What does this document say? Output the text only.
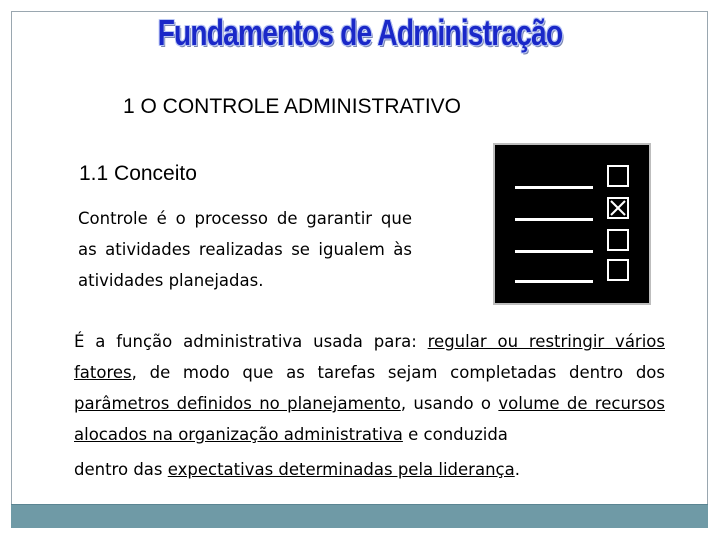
Fundamentos de Administração
1 O CONTROLE ADMINISTRATIVO
1.1 Conceito
Controle é o processo de garantir que as atividades realizadas se igualem às atividades planejadas.
É a função administrativa usada para: regular ou restringir vários fatores, de modo que as tarefas sejam completadas dentro dos parâmetros definidos no planejamento, usando o volume de recursos alocados na organização administrativa e conduzida
dentro das expectativas determinadas pela liderança.
